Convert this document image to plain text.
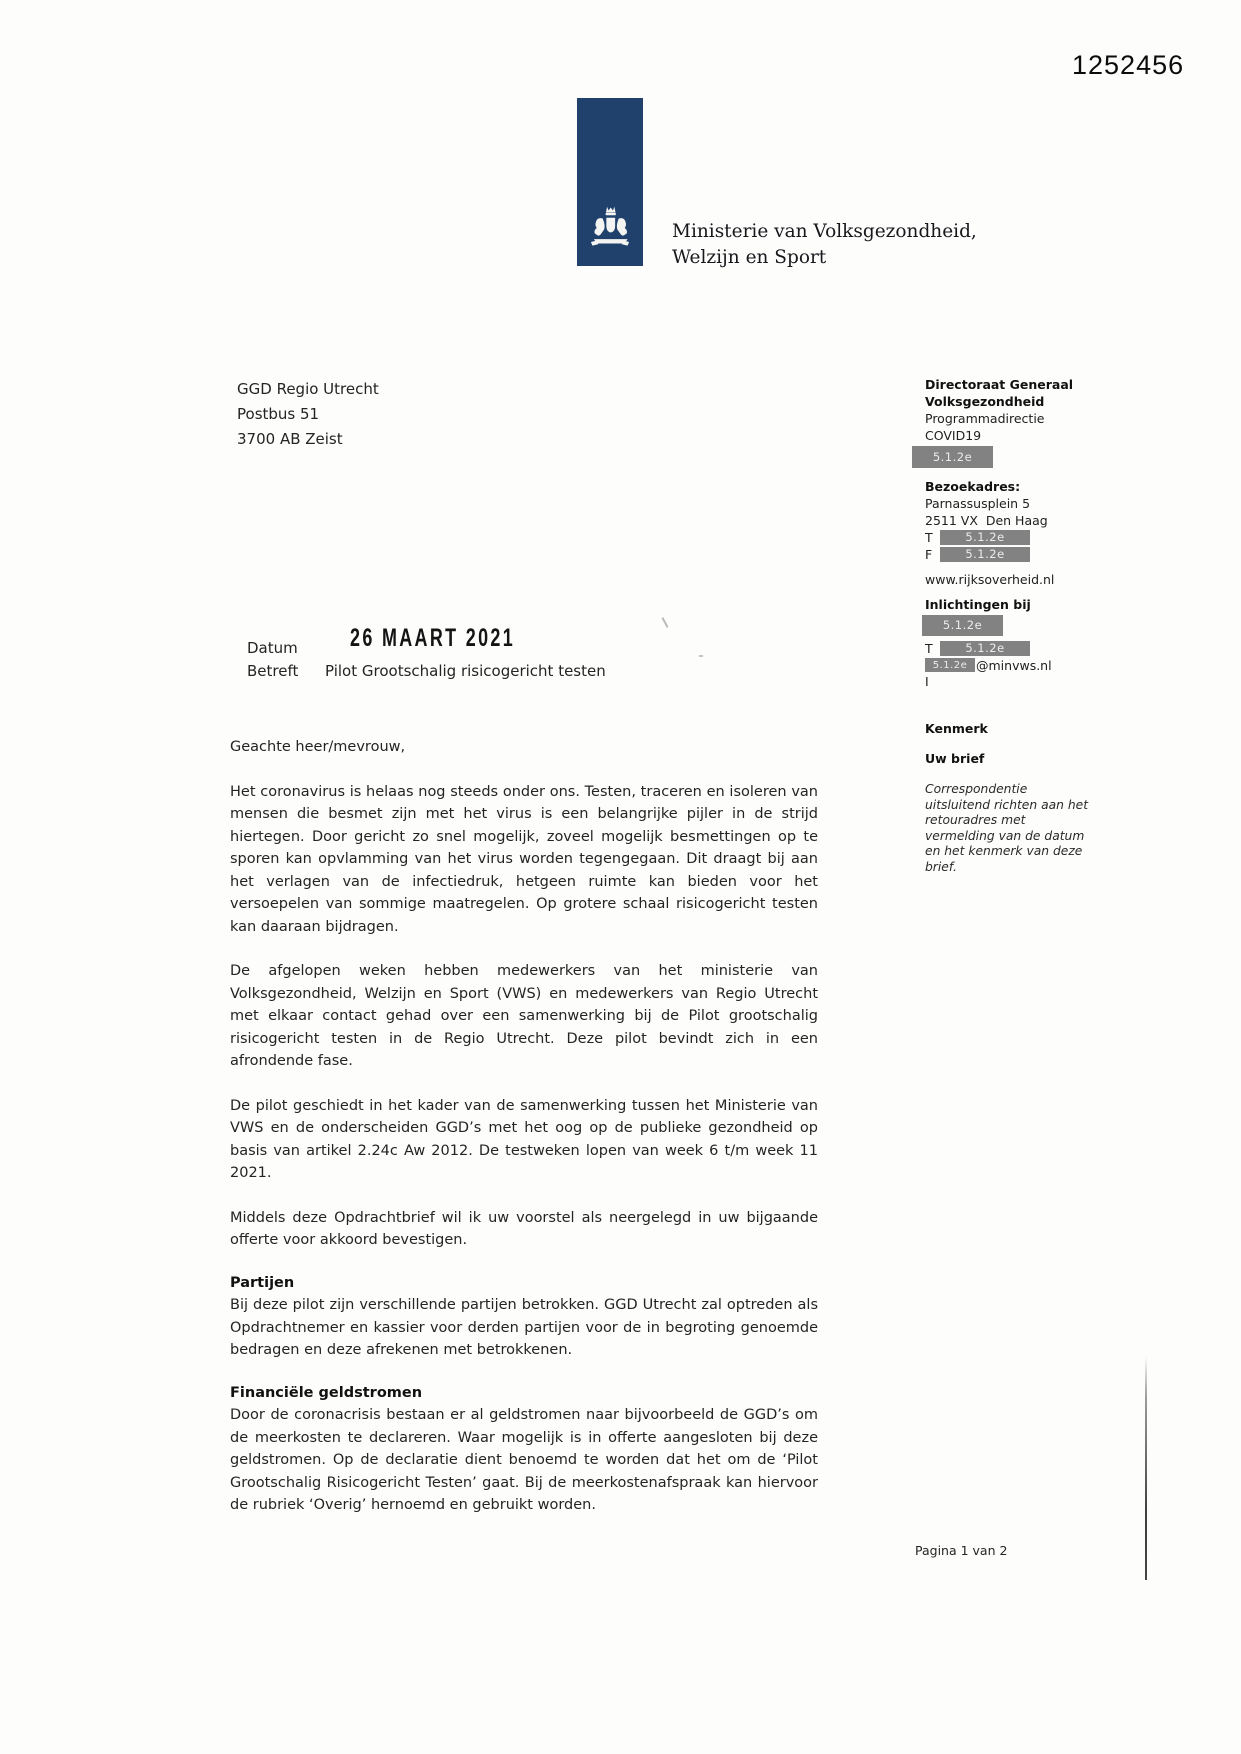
1252456
Ministerie van Volksgezondheid,
Welzijn en Sport
GGD Regio Utrecht
Postbus 51
3700 AB Zeist
Directoraat Generaal
Volksgezondheid
Programmadirectie COVID19
5.1.2e
Bezoekadres:
Parnassusplein 5
2511 VX  Den Haag
T	5.1.2e
F	5.1.2e
www.rijksoverheid.nl
Inlichtingen bij
5.1.2e
T	5.1.2e
5.1.2e @minvws.nl
I
Kenmerk
Uw brief
Correspondentie uitsluitend richten aan het retouradres met vermelding van de datum en het kenmerk van deze brief.
Datum 26 MAART 2021
Betreft Pilot Grootschalig risicogericht testen

Geachte heer/mevrouw,

Het coronavirus is helaas nog steeds onder ons. Testen, traceren en isoleren van mensen die besmet zijn met het virus is een belangrijke pijler in de strijd hiertegen. Door gericht zo snel mogelijk, zoveel mogelijk besmettingen op te sporen kan opvlamming van het virus worden tegengegaan. Dit draagt bij aan het verlagen van de infectiedruk, hetgeen ruimte kan bieden voor het versoepelen van sommige maatregelen. Op grotere schaal risicogericht testen kan daaraan bijdragen.

De afgelopen weken hebben medewerkers van het ministerie van Volksgezondheid, Welzijn en Sport (VWS) en medewerkers van Regio Utrecht met elkaar contact gehad over een samenwerking bij de Pilot grootschalig risicogericht testen in de Regio Utrecht. Deze pilot bevindt zich in een afrondende fase.

De pilot geschiedt in het kader van de samenwerking tussen het Ministerie van VWS en de onderscheiden GGD’s met het oog op de publieke gezondheid op basis van artikel 2.24c Aw 2012. De testweken lopen van week 6 t/m week 11 2021.

Middels deze Opdrachtbrief wil ik uw voorstel als neergelegd in uw bijgaande offerte voor akkoord bevestigen.

Partijen

Bij deze pilot zijn verschillende partijen betrokken. GGD Utrecht zal optreden als Opdrachtnemer en kassier voor derden partijen voor de in begroting genoemde bedragen en deze afrekenen met betrokkenen.

Financiële geldstromen

Door de coronacrisis bestaan er al geldstromen naar bijvoorbeeld de GGD’s om de meerkosten te declareren. Waar mogelijk is in offerte aangesloten bij deze geldstromen. Op de declaratie dient benoemd te worden dat het om de ‘Pilot Grootschalig Risicogericht Testen’ gaat. Bij de meerkostenafspraak kan hiervoor de rubriek ‘Overig’ hernoemd en gebruikt worden.

Pagina 1 van 2
